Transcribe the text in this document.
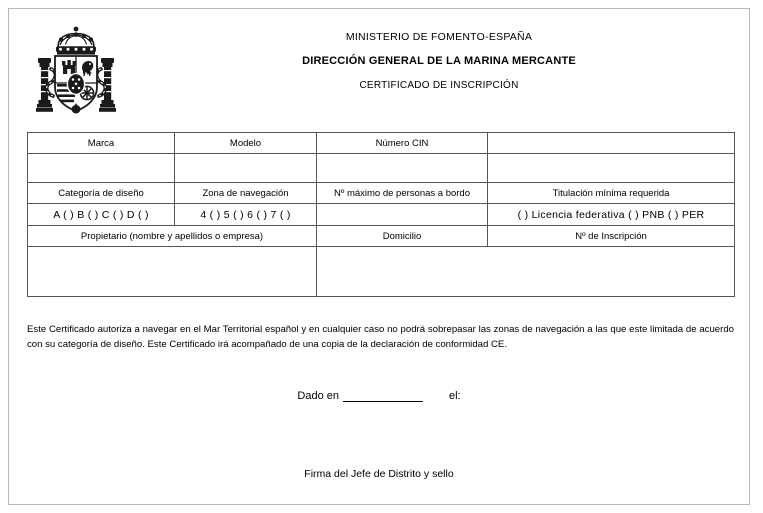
MINISTERIO DE FOMENTO-ESPAÑA
DIRECCIÓN GENERAL DE LA MARINA MERCANTE
CERTIFICADO DE INSCRIPCIÓN
Marca	Modelo	Número CIN	

Categoría de diseño	Zona de navegación	Nº máximo de personas a bordo	Titulación mínima requerida
A ( ) B ( ) C ( ) D ( )	4 ( ) 5 ( ) 6 ( ) 7 ( )		( ) Licencia federativa ( ) PNB ( ) PER
Propietario (nombre y apellidos o empresa)		Domicilio	Nº de Inscripción

Este Certificado autoriza a navegar en el Mar Territorial español y en cualquier caso no podrá sobrepasar las zonas de navegación a las que este limitada de acuerdo con su categoría de diseño. Este Certificado irá acompañado de una copia de la declaración de conformidad CE.
Dado en	el:
Firma del Jefe de Distrito y sello
